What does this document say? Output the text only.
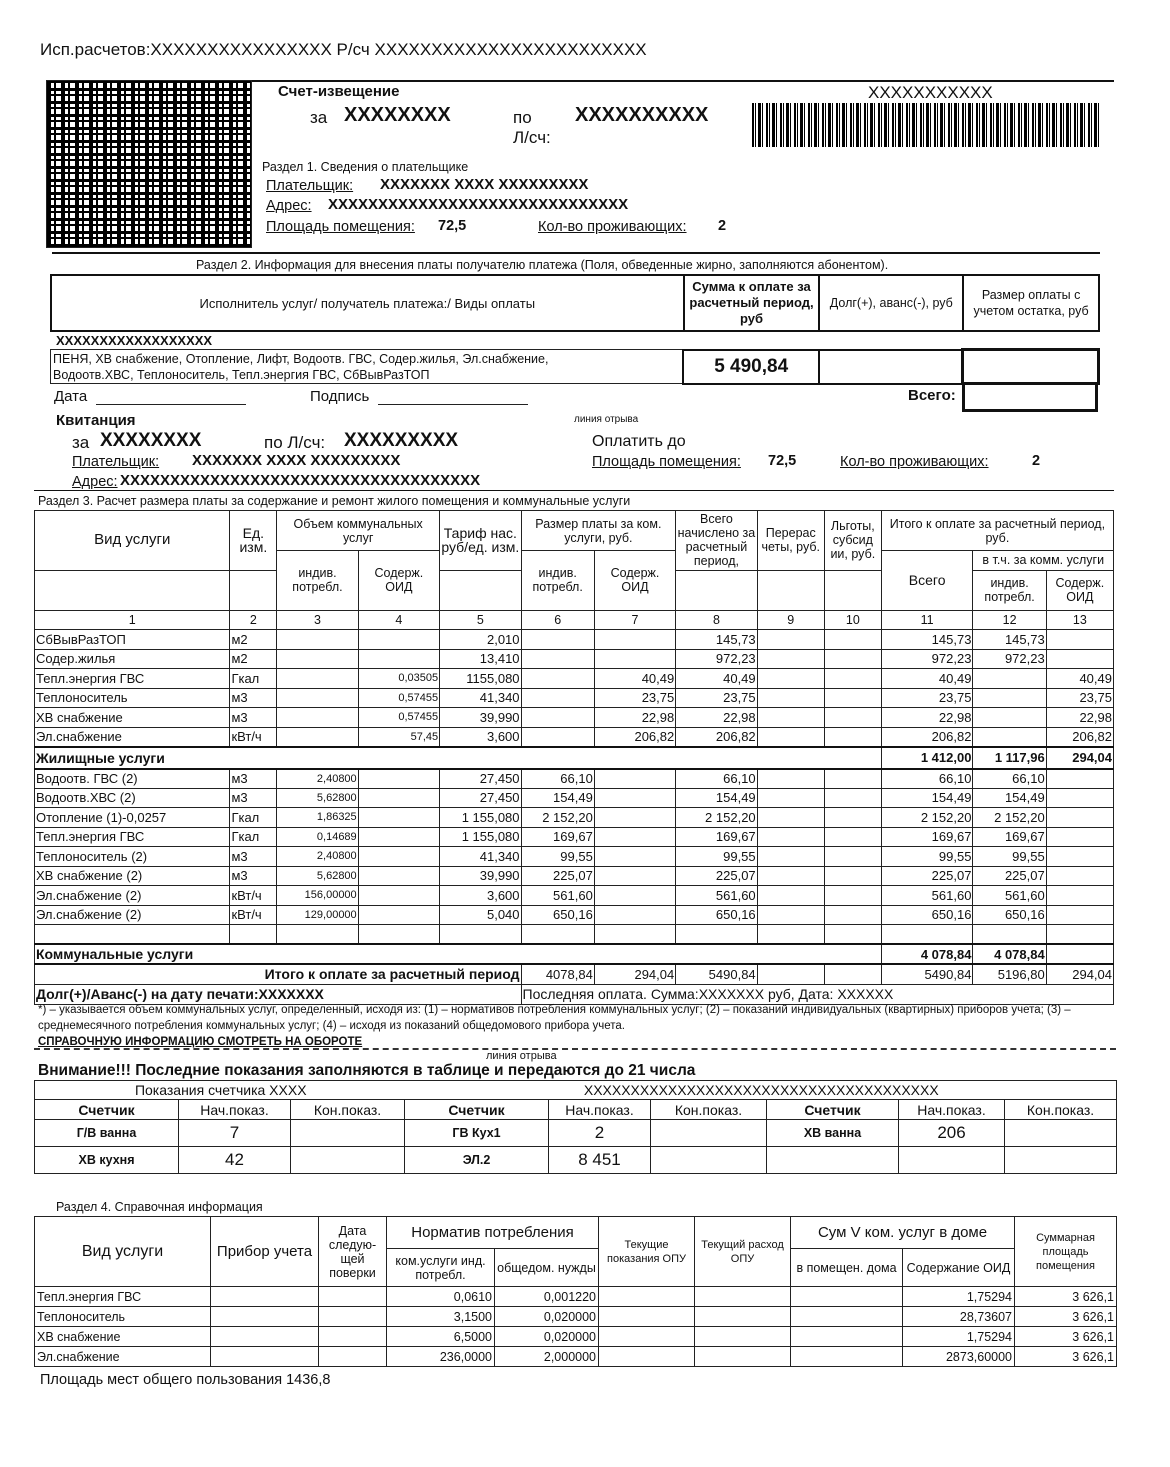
Исп.расчетов:XXXXXXXXXXXXXXXX Р/сч XXXXXXXXXXXXXXXXXXXXXXXX
Счет-извещение
за XXXXXXXX	по
Л/сч:
XXXXXXXXXX
XXXXXXXXXXX
Раздел 1. Сведения о плательщике
Плательщик: XXXXXXX XXXX XXXXXXXXX
Адрес: XXXXXXXXXXXXXXXXXXXXXXXXXXXXXX
Площадь помещения: 72,5	Кол-во проживающих: 2
Раздел 2. Информация для внесения платы получателю платежа (Поля, обведенные жирно, заполняются абонентом).
Исполнитель услуг/ получатель платежа:/ Виды оплаты	Сумма к оплате за расчетный период, руб	Долг(+), аванс(-), руб	Размер оплаты с учетом остатка, руб
XXXXXXXXXXXXXXXXXX
ПЕНЯ, ХВ снабжение, Отопление, Лифт, Водоотв. ГВС, Содер.жилья, Эл.снабжение,
Водоотв.ХВС, Теплоноситель, Тепл.энергия ГВС, СбВывРазТОП	5 490,84		
Дата	Подпись	Всего:
Квитанция	линия отрыва
за XXXXXXXX	по Л/сч: XXXXXXXXX	Оплатить до
Плательщик: XXXXXXX XXXX XXXXXXXXX	Площадь помещения: 72,5	Кол-во проживающих:	2
Адрес: XXXXXXXXXXXXXXXXXXXXXXXXXXXXXXXXXXXX
Раздел 3. Расчет размера платы за содержание и ремонт жилого помещения и коммунальные услуги
Вид услуги	Ед. изм.	Объем коммунальных услуг		Тариф нас. руб/ед. изм.	Размер платы за ком. услуги, руб.		Всего начислено за расчетный период,	Перерас четы, руб.	Льготы, субсид ии, руб.	Итого к оплате за расчетный период, руб.		
		индив. потребл.	Содерж. ОИД		индив. потребл.	Содерж. ОИД				Всего	в т.ч. за комм. услуги	
											индив. потребл.	Содерж. ОИД
1	2	3	4	5	6	7	8	9	10	11	12	13
СбВывРазТОП	м2			2,010			145,73			145,73	145,73	
Содер.жилья	м2			13,410			972,23			972,23	972,23	
Тепл.энергия ГВС	Гкал		0,03505	1155,080		40,49	40,49			40,49		40,49
Теплоноситель	м3		0,57455	41,340		23,75	23,75			23,75		23,75
ХВ снабжение	м3		0,57455	39,990		22,98	22,98			22,98		22,98
Эл.снабжение	кВт/ч		57,45	3,600		206,82	206,82			206,82		206,82
Жилищные услуги										1 412,00	1 117,96	294,04
Водоотв. ГВС (2)	м3	2,40800		27,450	66,10		66,10			66,10	66,10	
Водоотв.ХВС (2)	м3	5,62800		27,450	154,49		154,49			154,49	154,49	
Отопление (1)-0,0257	Гкал	1,86325		1 155,080	2 152,20		2 152,20			2 152,20	2 152,20	
Тепл.энергия ГВС	Гкал	0,14689		1 155,080	169,67		169,67			169,67	169,67	
Теплоноситель (2)	м3	2,40800		41,340	99,55		99,55			99,55	99,55	
ХВ снабжение (2)	м3	5,62800		39,990	225,07		225,07			225,07	225,07	
Эл.снабжение (2)	кВт/ч	156,00000		3,600	561,60		561,60			561,60	561,60	
Эл.снабжение (2)	кВт/ч	129,00000		5,040	650,16		650,16			650,16	650,16	

Коммунальные услуги										4 078,84	4 078,84	
Итого к оплате за расчетный период					4078,84	294,04	5490,84			5490,84	5196,80	294,04
Долг(+)/Аванс(-) на дату печати:XXXXXXX					Последняя оплата. Сумма:XXXXXXX руб, Дата: XXXXXX							
*) – указывается объем коммунальных услуг, определенный, исходя из: (1) – нормативов потребления коммунальных услуг; (2) – показаний индивидуальных (квартирных) приборов учета; (3) – среднемесячного потребления коммунальных услуг; (4) – исходя из показаний общедомового прибора учета.
СПРАВОЧНУЮ ИНФОРМАЦИЮ СМОТРЕТЬ НА ОБОРОТЕ
линия отрыва
Внимание!!! Последние показания заполняются в таблице и передаются до 21 числа
Показания счетчика XXXX			XXXXXXXXXXXXXXXXXXXXXXXXXXXXXXXXXXXXXX					
Счетчик	Нач.показ.	Кон.показ.	Счетчик	Нач.показ.	Кон.показ.	Счетчик	Нач.показ.	Кон.показ.
Г/В ванна	7		ГВ Кух1	2		ХВ ванна	206	
ХВ кухня	42		ЭЛ.2	8 451				
Раздел 4. Справочная информация
Вид услуги	Прибор учета	Дата следую- щей поверки	Норматив потребления		Текущие показания ОПУ	Текущий расход ОПУ	Сум V ком. услуг в доме		Суммарная площадь помещения
			ком.услуги инд. потребл.	общедом. нужды			в помещен. дома	Содержание ОИД	
Тепл.энергия ГВС			0,0610	0,001220				1,75294	3 626,1
Теплоноситель			3,1500	0,020000				28,73607	3 626,1
ХВ снабжение			6,5000	0,020000				1,75294	3 626,1
Эл.снабжение			236,0000	2,000000				2873,60000	3 626,1
Площадь мест общего пользования 1436,8
